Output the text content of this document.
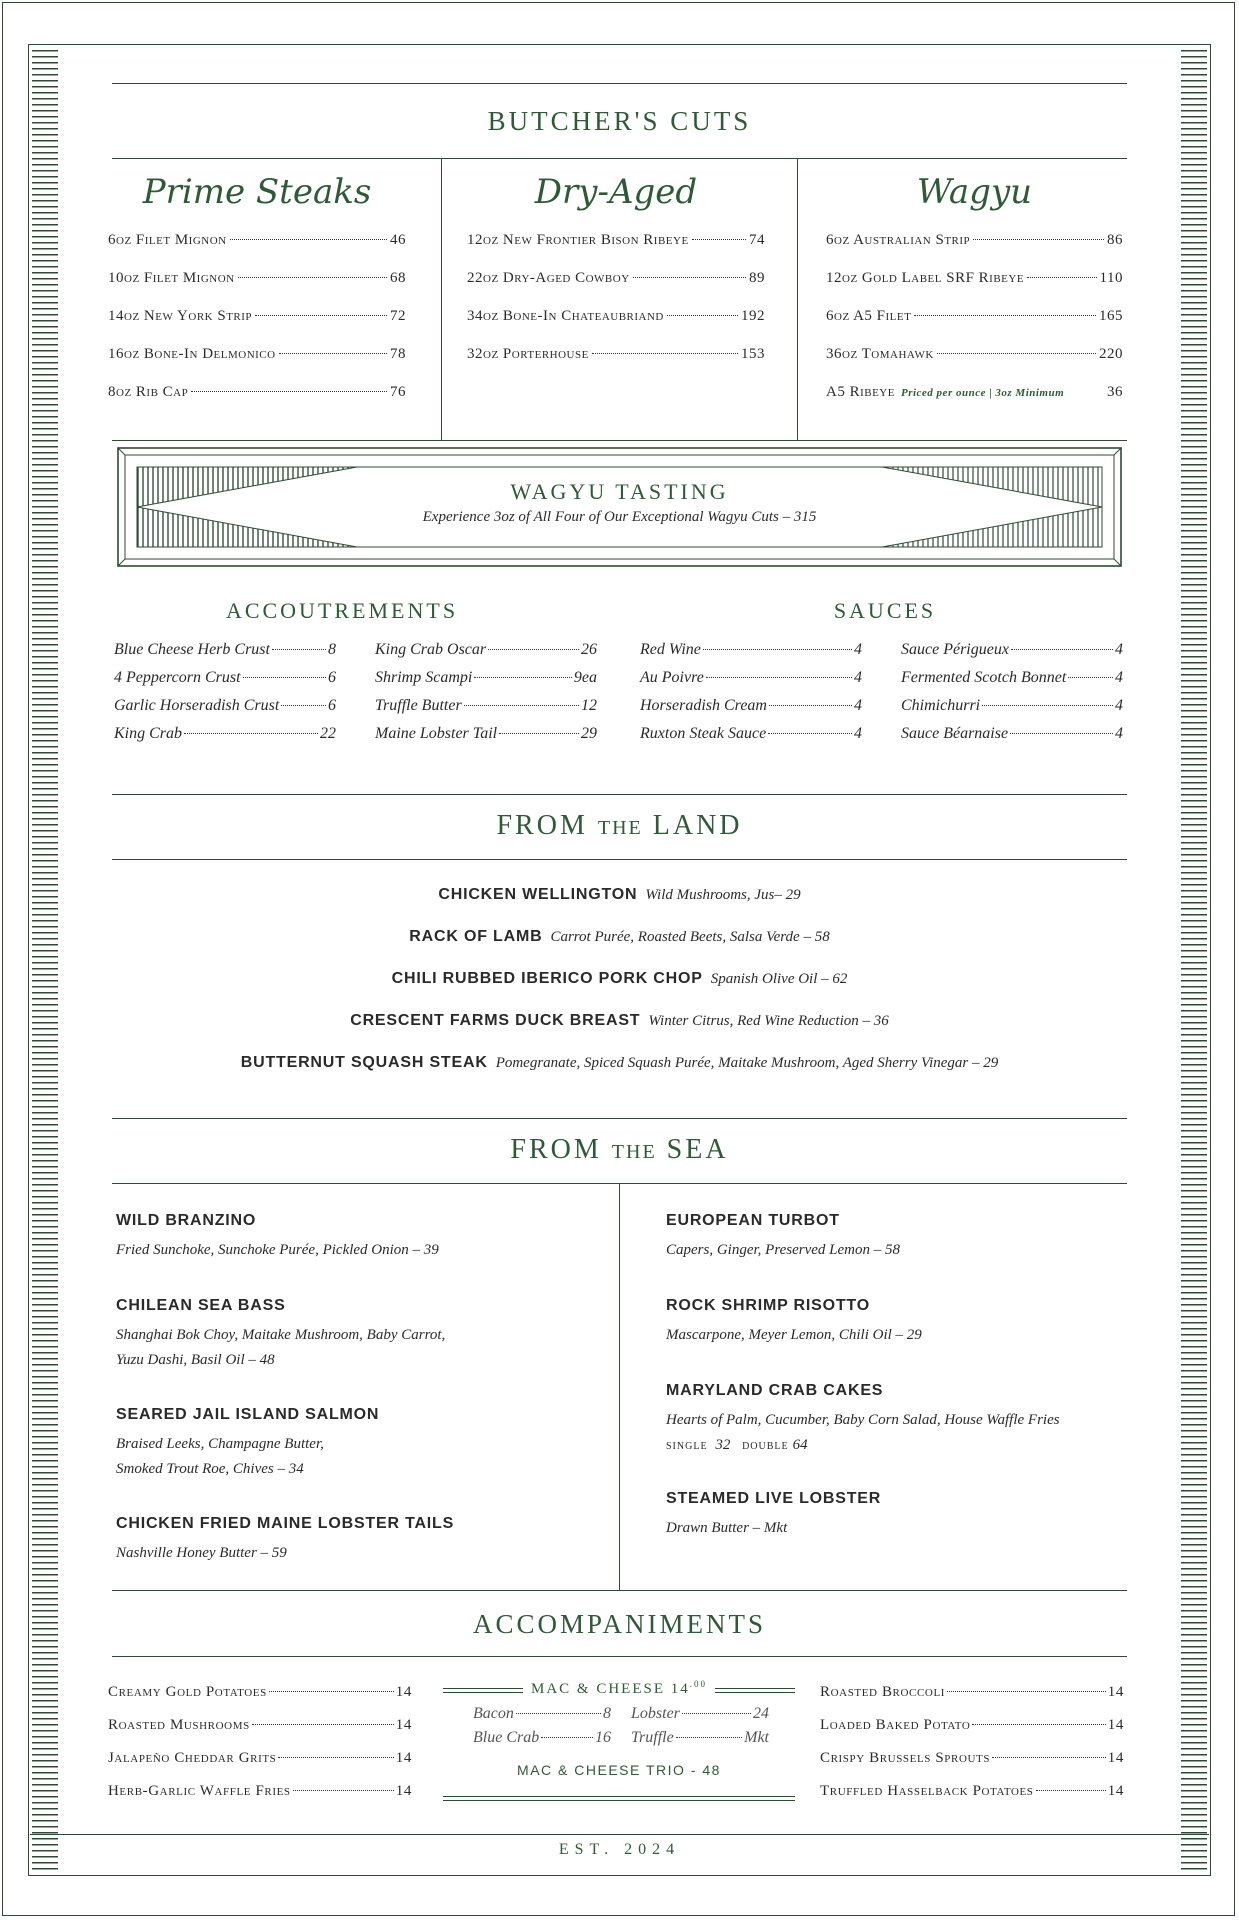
BUTCHER'S CUTS
Prime Steaks
6oz Filet Mignon	46
10oz Filet Mignon	68
14oz New York Strip	72
16oz Bone-In Delmonico	78
8oz Rib Cap	76
Dry-Aged
12oz New Frontier Bison Ribeye	74
22oz Dry-Aged Cowboy	89
34oz Bone-In Chateaubriand	192
32oz Porterhouse	153
Wagyu
6oz Australian Strip	86
12oz Gold Label SRF Ribeye	110
6oz A5 Filet	165
36oz Tomahawk	220
A5 Ribeye Priced per ounce | 3oz Minimum	36
WAGYU TASTING
Experience 3oz of All Four of Our Exceptional Wagyu Cuts – 315
ACCOUTREMENTS	SAUCES
Blue Cheese Herb Crust	8
4 Peppercorn Crust	6
Garlic Horseradish Crust	6
King Crab	22
King Crab Oscar	26
Shrimp Scampi	9ea
Truffle Butter	12
Maine Lobster Tail	29
Red Wine	4
Au Poivre	4
Horseradish Cream	4
Ruxton Steak Sauce	4
Sauce Périgueux	4
Fermented Scotch Bonnet	4
Chimichurri	4
Sauce Béarnaise	4
FROM THE LAND
CHICKEN WELLINGTON Wild Mushrooms, Jus– 29
RACK OF LAMB Carrot Purée, Roasted Beets, Salsa Verde – 58
CHILI RUBBED IBERICO PORK CHOP Spanish Olive Oil – 62
CRESCENT FARMS DUCK BREAST Winter Citrus, Red Wine Reduction – 36
BUTTERNUT SQUASH STEAK Pomegranate, Spiced Squash Purée, Maitake Mushroom, Aged Sherry Vinegar – 29
FROM THE SEA
WILD BRANZINO
Fried Sunchoke, Sunchoke Purée, Pickled Onion – 39
CHILEAN SEA BASS
Shanghai Bok Choy, Maitake Mushroom, Baby Carrot,
Yuzu Dashi, Basil Oil – 48
SEARED JAIL ISLAND SALMON
Braised Leeks, Champagne Butter,
Smoked Trout Roe, Chives – 34
CHICKEN FRIED MAINE LOBSTER TAILS
Nashville Honey Butter – 59
EUROPEAN TURBOT
Capers, Ginger, Preserved Lemon – 58
ROCK SHRIMP RISOTTO
Mascarpone, Meyer Lemon, Chili Oil – 29
MARYLAND CRAB CAKES
Hearts of Palm, Cucumber, Baby Corn Salad, House Waffle Fries
SINGLE 32 DOUBLE 64
STEAMED LIVE LOBSTER
Drawn Butter – Mkt
ACCOMPANIMENTS
Creamy Gold Potatoes	14
Roasted Mushrooms	14
Jalapeño Cheddar Grits	14
Herb-Garlic Waffle Fries	14
Roasted Broccoli	14
Loaded Baked Potato	14
Crispy Brussels Sprouts	14
Truffled Hasselback Potatoes	14
MAC & CHEESE $14^{.00}$
Bacon	8
Blue Crab	16
Lobster	24
Truffle	Mkt
MAC & CHEESE TRIO - 48
EST. 2024
